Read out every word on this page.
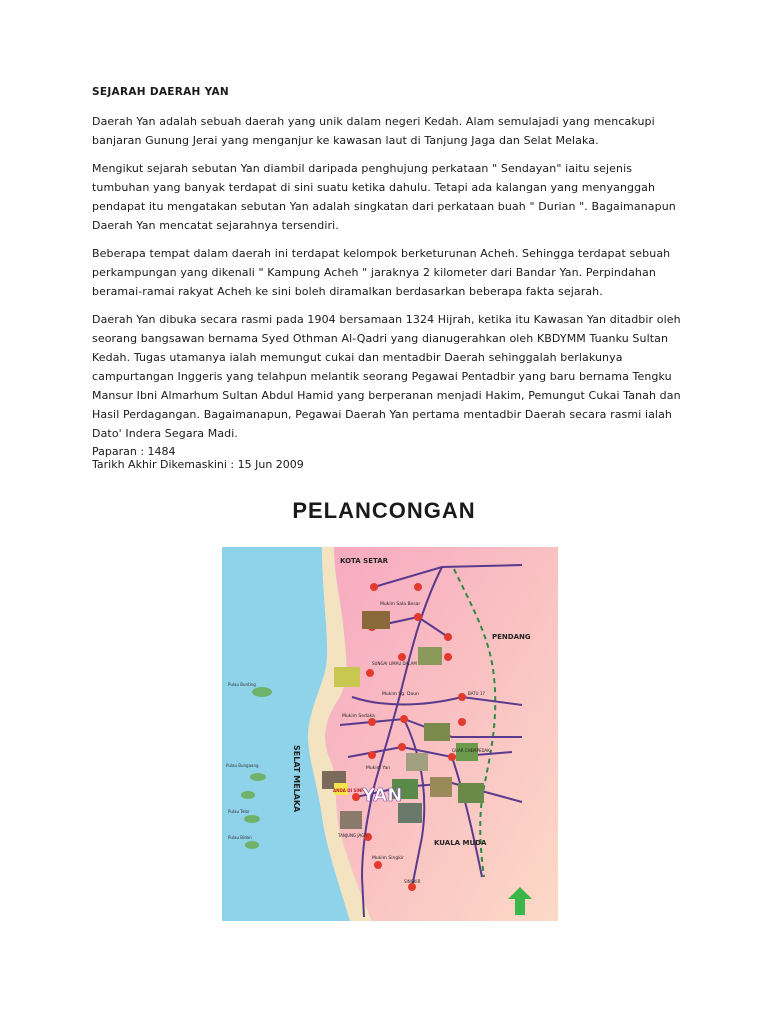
SEJARAH DAERAH YAN

Daerah Yan adalah sebuah daerah yang unik dalam negeri Kedah. Alam semulajadi yang mencakupi banjaran Gunung Jerai yang menganjur ke kawasan laut di Tanjung Jaga dan Selat Melaka.

Mengikut sejarah sebutan Yan diambil daripada penghujung perkataan " Sendayan" iaitu sejenis tumbuhan yang banyak terdapat di sini suatu ketika dahulu. Tetapi ada kalangan yang menyanggah pendapat itu mengatakan sebutan Yan adalah singkatan dari perkataan buah " Durian ". Bagaimanapun Daerah Yan mencatat sejarahnya tersendiri.

Beberapa tempat dalam daerah ini terdapat kelompok berketurunan Acheh. Sehingga terdapat sebuah perkampungan yang dikenali " Kampung Acheh " jaraknya 2 kilometer dari Bandar Yan. Perpindahan beramai-ramai rakyat Acheh ke sini boleh diramalkan berdasarkan beberapa fakta sejarah.

Daerah Yan dibuka secara rasmi pada 1904 bersamaan 1324 Hijrah, ketika itu Kawasan Yan ditadbir oleh seorang bangsawan bernama Syed Othman Al-Qadri yang dianugerahkan oleh KBDYMM Tuanku Sultan Kedah. Tugas utamanya ialah memungut cukai dan mentadbir Daerah sehinggalah berlakunya campurtangan Inggeris yang telahpun melantik seorang Pegawai Pentadbir yang baru bernama Tengku Mansur Ibni Almarhum Sultan Abdul Hamid yang berperanan menjadi Hakim, Pemungut Cukai Tanah dan Hasil Perdagangan. Bagaimanapun, Pegawai Daerah Yan pertama mentadbir Daerah secara rasmi ialah Dato' Indera Segara Madi.

Paparan : 1484

Tarikh Akhir Dikemaskini : 15 Jun 2009

PELANCONGAN
KOTA SETAR
PENDANG
KUALA MUDA
SELAT MELAKA	YAN
ANDA DI SINI
Pulau Bunting
Pulau Bungaang
Pulau Telor
Pulau Bidan
Mukim Sala Besar
Mukim Sg. Daun
Mukim Sedaka
Mukim Yan
Mukim Singkir
GUAR CHEMPEDAK
SUNGAI LIMAU DALAM
TANJUNG JAGA
SINGKIR
BATU 17
